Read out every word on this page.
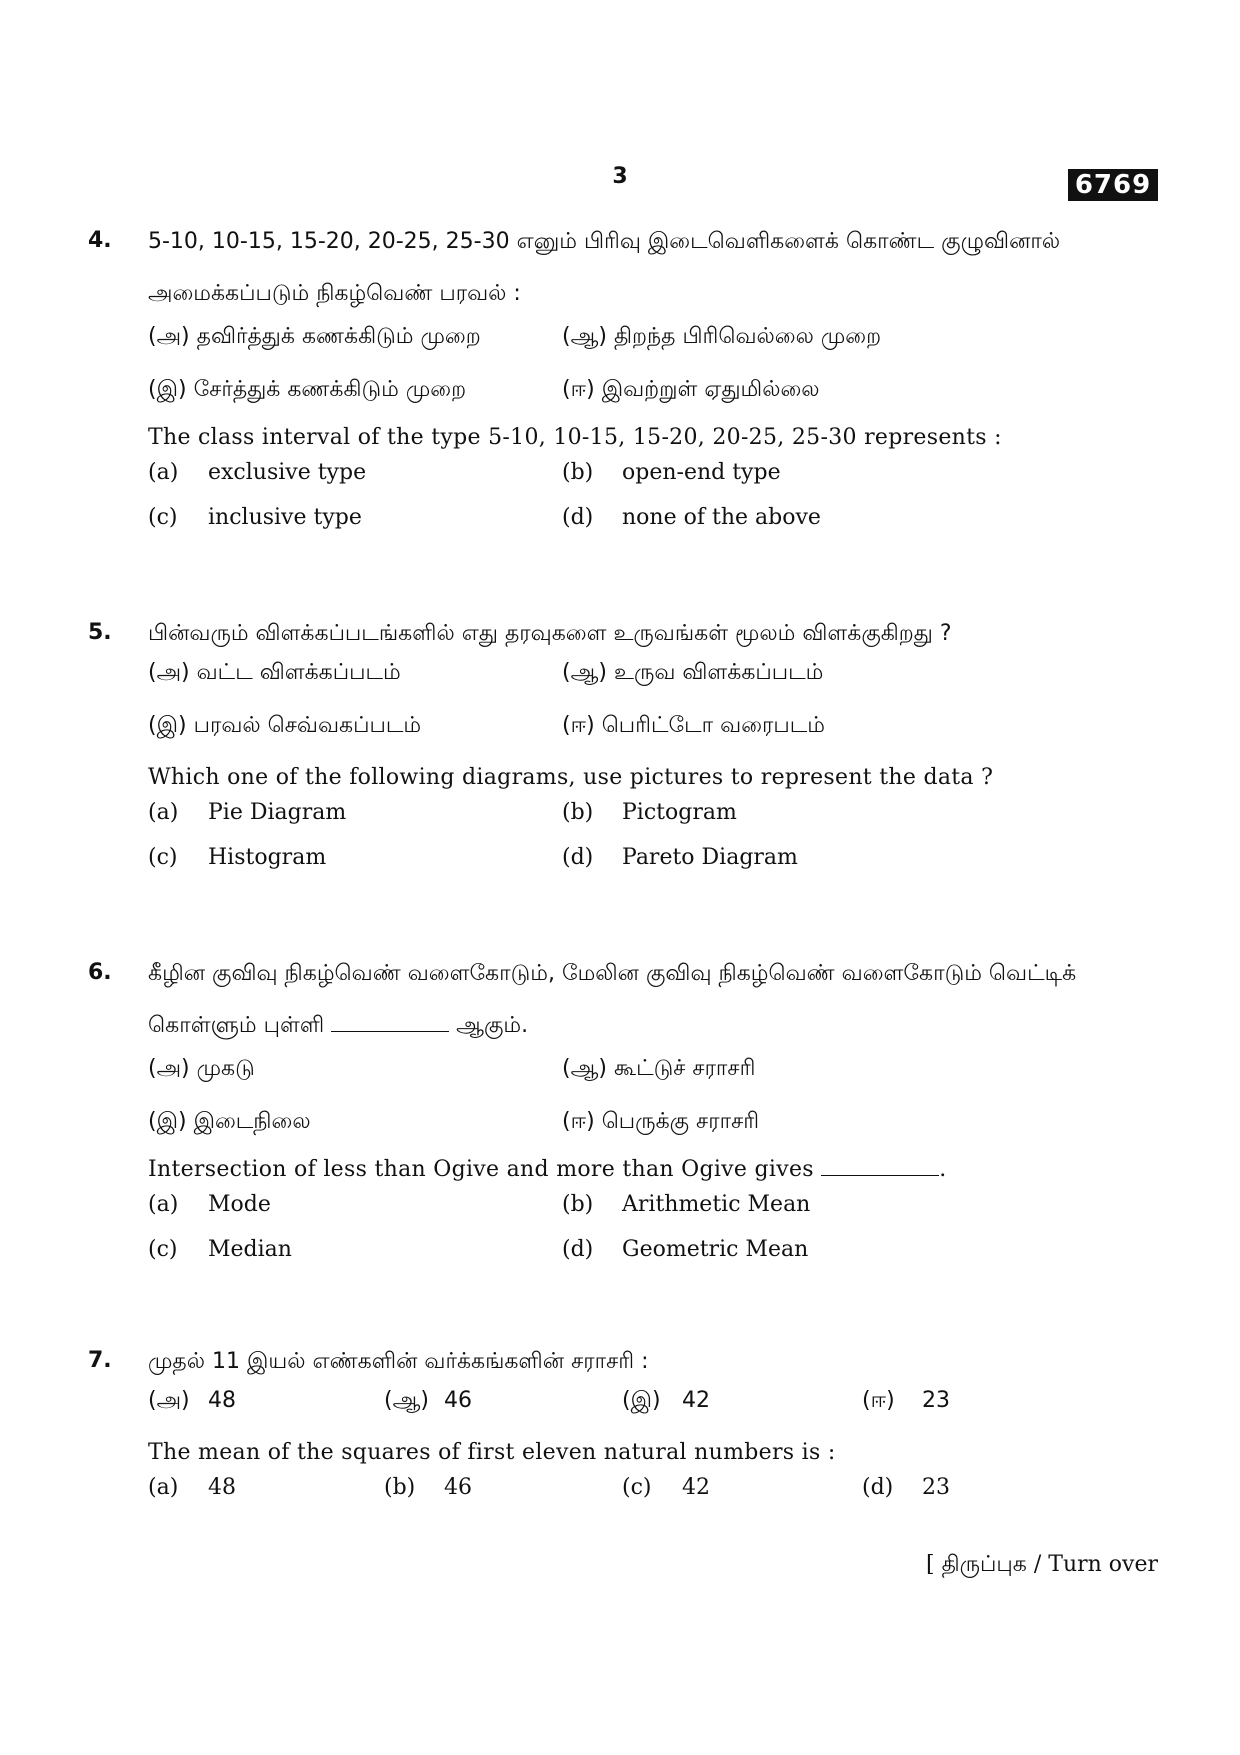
3	6769
4. 5-10, 10-15, 15-20, 20-25, 25-30 எனும் பிரிவு இடைவெளிகளைக் கொண்ட குழுவினால் அமைக்கப்படும் நிகழ்வெண் பரவல் :

(அ) தவிர்த்துக் கணக்கிடும் முறை	(ஆ) திறந்த பிரிவெல்லை முறை
(இ) சேர்த்துக் கணக்கிடும் முறை	(ஈ) இவற்றுள் ஏதுமில்லை

The class interval of the type 5-10, 10-15, 15-20, 20-25, 25-30 represents :

(a) exclusive type	(b) open-end type
(c) inclusive type	(d) none of the above
5. பின்வரும் விளக்கப்படங்களில் எது தரவுகளை உருவங்கள் மூலம் விளக்குகிறது ?

(அ) வட்ட விளக்கப்படம்	(ஆ) உருவ விளக்கப்படம்
(இ) பரவல் செவ்வகப்படம்	(ஈ) பெரிட்டோ வரைபடம்

Which one of the following diagrams, use pictures to represent the data ?

(a) Pie Diagram	(b) Pictogram
(c) Histogram	(d) Pareto Diagram
6. கீழின குவிவு நிகழ்வெண் வளைகோடும், மேலின குவிவு நிகழ்வெண் வளைகோடும் வெட்டிக் கொள்ளும் புள்ளி	ஆகும்.

(அ) முகடு	(ஆ) கூட்டுச் சராசரி
(இ) இடைநிலை	(ஈ) பெருக்கு சராசரி

Intersection of less than Ogive and more than Ogive gives	.

(a) Mode	(b) Arithmetic Mean
(c) Median	(d) Geometric Mean
7. முதல் 11 இயல் எண்களின் வர்க்கங்களின் சராசரி :

(அ) 48	(ஆ) 46	(இ) 42	(ஈ) 23

The mean of the squares of first eleven natural numbers is :

(a) 48	(b) 46	(c) 42	(d) 23
[ திருப்புக / Turn over
